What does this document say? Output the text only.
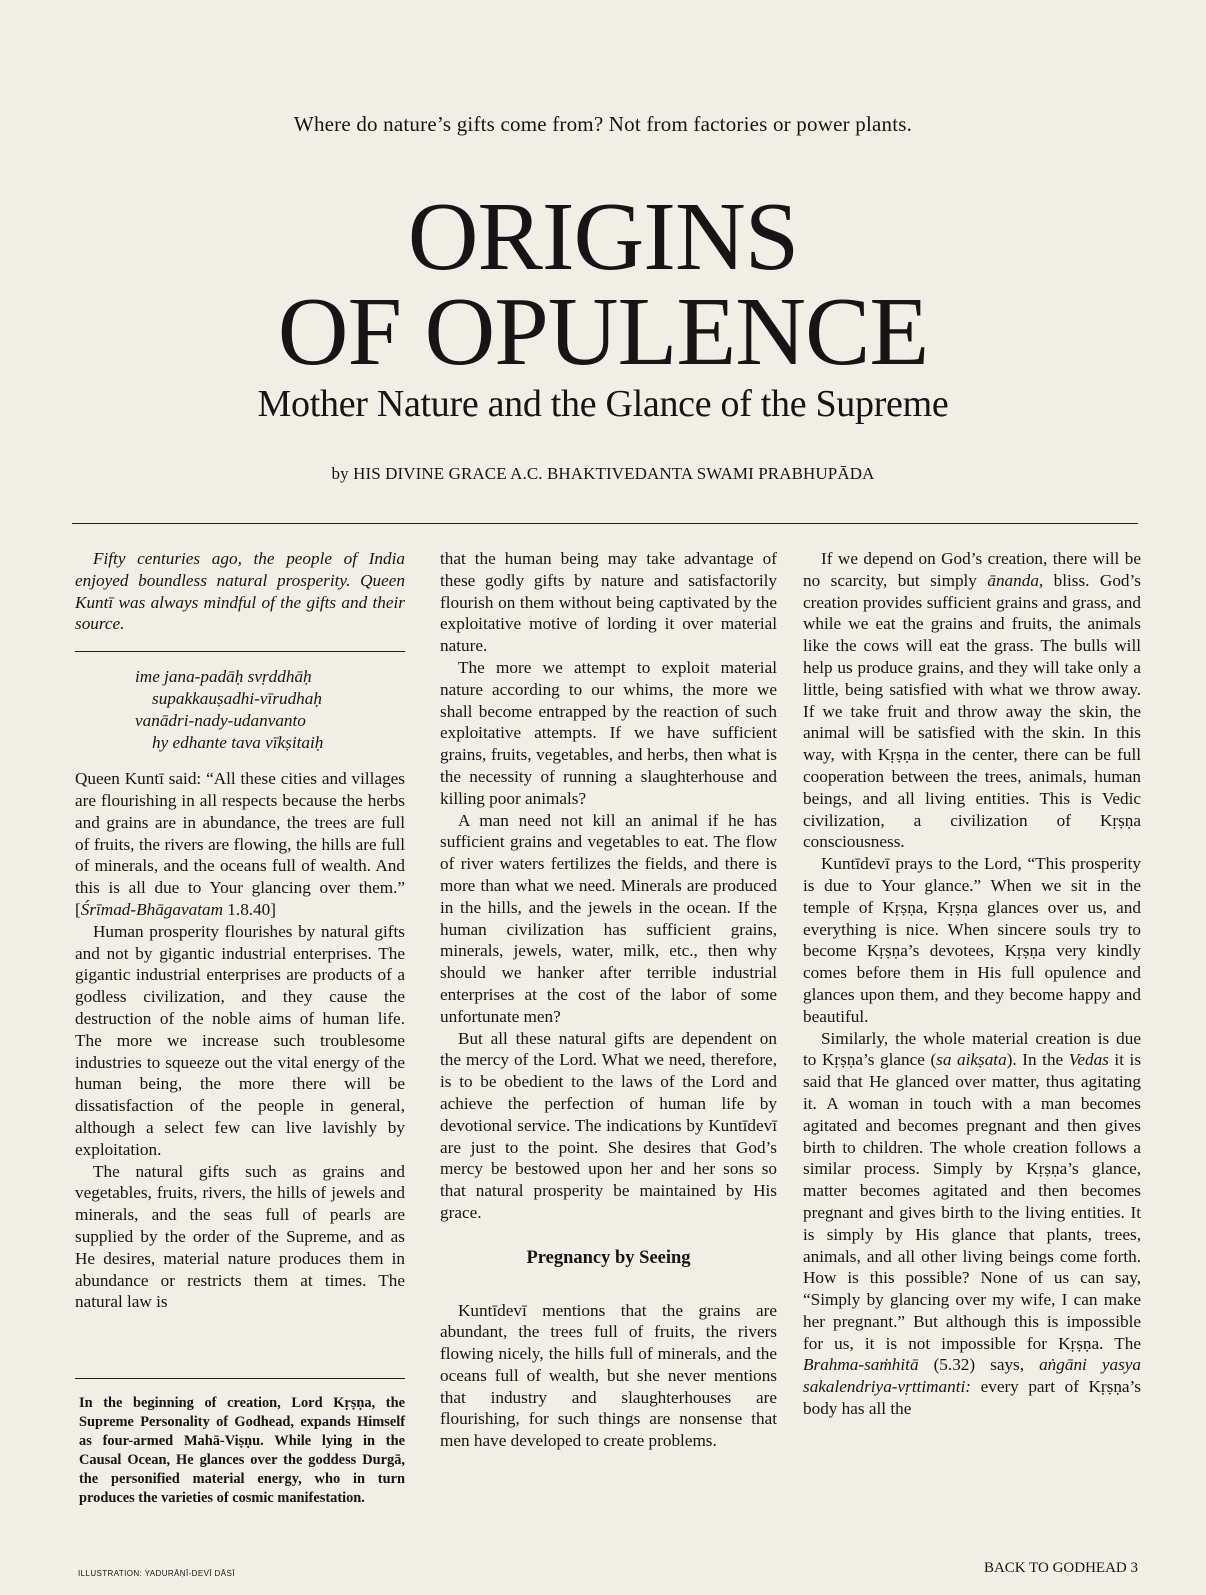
Where do nature’s gifts come from? Not from factories or power plants.
ORIGINS
OF OPULENCE
Mother Nature and the Glance of the Supreme
by HIS DIVINE GRACE A.C. BHAKTIVEDANTA SWAMI PRABHUPĀDA

Fifty centuries ago, the people of India enjoyed boundless natural prosperity. Queen Kuntī was always mindful of the gifts and their source.

ime jana-padāḥ svṛddhāḥ
supakkauṣadhi-vīrudhaḥ
vanādri-nady-udanvanto
hy edhante tava vīkṣitaiḥ

Queen Kuntī said: “All these cities and villages are flourishing in all respects because the herbs and grains are in abundance, the trees are full of fruits, the rivers are flowing, the hills are full of minerals, and the oceans full of wealth. And this is all due to Your glancing over them.” [Śrīmad-Bhāgavatam 1.8.40]

Human prosperity flourishes by natural gifts and not by gigantic industrial enterprises. The gigantic industrial enterprises are products of a godless civilization, and they cause the destruction of the noble aims of human life. The more we increase such troublesome industries to squeeze out the vital energy of the human being, the more there will be dissatisfaction of the people in general, although a select few can live lavishly by exploitation.

The natural gifts such as grains and vegetables, fruits, rivers, the hills of jewels and minerals, and the seas full of pearls are supplied by the order of the Supreme, and as He desires, material nature produces them in abundance or restricts them at times. The natural law is

In the beginning of creation, Lord Kṛṣṇa, the Supreme Personality of Godhead, expands Himself as four-armed Mahā-Viṣṇu. While lying in the Causal Ocean, He glances over the goddess Durgā, the personified material energy, who in turn produces the varieties of cosmic manifestation.

that the human being may take advantage of these godly gifts by nature and satisfactorily flourish on them without being captivated by the exploitative motive of lording it over material nature.

The more we attempt to exploit material nature according to our whims, the more we shall become entrapped by the reaction of such exploitative attempts. If we have sufficient grains, fruits, vegetables, and herbs, then what is the necessity of running a slaughterhouse and killing poor animals?

A man need not kill an animal if he has sufficient grains and vegetables to eat. The flow of river waters fertilizes the fields, and there is more than what we need. Minerals are produced in the hills, and the jewels in the ocean. If the human civilization has sufficient grains, minerals, jewels, water, milk, etc., then why should we hanker after terrible industrial enterprises at the cost of the labor of some unfortunate men?

But all these natural gifts are dependent on the mercy of the Lord. What we need, therefore, is to be obedient to the laws of the Lord and achieve the perfection of human life by devotional service. The indications by Kuntīdevī are just to the point. She desires that God’s mercy be bestowed upon her and her sons so that natural prosperity be maintained by His grace.

Pregnancy by Seeing

Kuntīdevī mentions that the grains are abundant, the trees full of fruits, the rivers flowing nicely, the hills full of minerals, and the oceans full of wealth, but she never mentions that industry and slaughterhouses are flourishing, for such things are nonsense that men have developed to create problems.

If we depend on God’s creation, there will be no scarcity, but simply ānanda, bliss. God’s creation provides sufficient grains and grass, and while we eat the grains and fruits, the animals like the cows will eat the grass. The bulls will help us produce grains, and they will take only a little, being satisfied with what we throw away. If we take fruit and throw away the skin, the animal will be satisfied with the skin. In this way, with Kṛṣṇa in the center, there can be full cooperation between the trees, animals, human beings, and all living entities. This is Vedic civilization, a civilization of Kṛṣṇa consciousness.

Kuntīdevī prays to the Lord, “This prosperity is due to Your glance.” When we sit in the temple of Kṛṣṇa, Kṛṣṇa glances over us, and everything is nice. When sincere souls try to become Kṛṣṇa’s devotees, Kṛṣṇa very kindly comes before them in His full opulence and glances upon them, and they become happy and beautiful.

Similarly, the whole material creation is due to Kṛṣṇa’s glance (sa aikṣata). In the Vedas it is said that He glanced over matter, thus agitating it. A woman in touch with a man becomes agitated and becomes pregnant and then gives birth to children. The whole creation follows a similar process. Simply by Kṛṣṇa’s glance, matter becomes agitated and then becomes pregnant and gives birth to the living entities. It is simply by His glance that plants, trees, animals, and all other living beings come forth. How is this possible? None of us can say, “Simply by glancing over my wife, I can make her pregnant.” But although this is impossible for us, it is not impossible for Kṛṣṇa. The Brahma-saṁhitā (5.32) says, aṅgāni yasya sakalendriya-vṛttimanti: every part of Kṛṣṇa’s body has all the

ILLUSTRATION: YADURĀṆĪ-DEVĪ DĀSĪ	BACK TO GODHEAD 3
